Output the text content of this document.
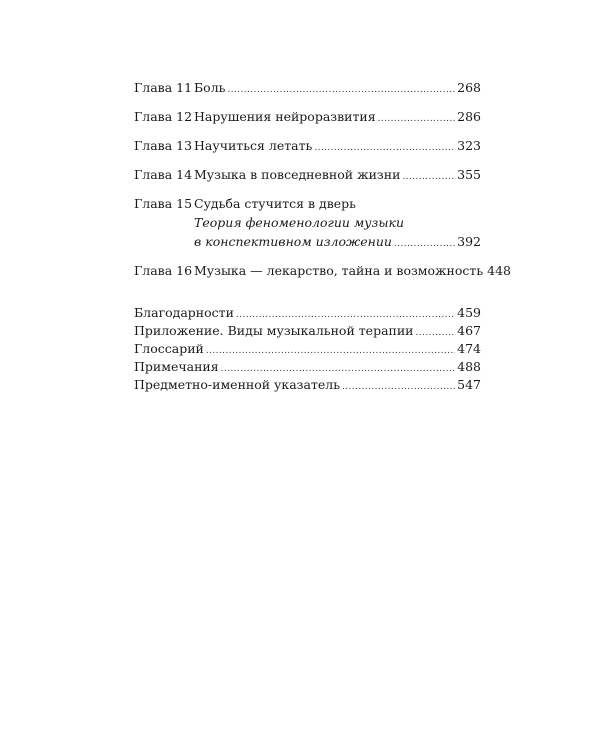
Глава 11 Боль .....	268
Глава 12 Нарушения нейроразвития .....	286
Глава 13 Научиться летать .....	323
Глава 14 Музыка в повседневной жизни .....	355
Глава 15 Судьба стучится в дверь
Теория феноменологии музыки
в конспективном изложении .....	392
Глава 16 Музыка — лекарство, тайна и возможность 448
Благодарности .....	459
Приложение. Виды музыкальной терапии .....	467
Глоссарий .....	474
Примечания .....	488
Предметно-именной указатель .....	547
